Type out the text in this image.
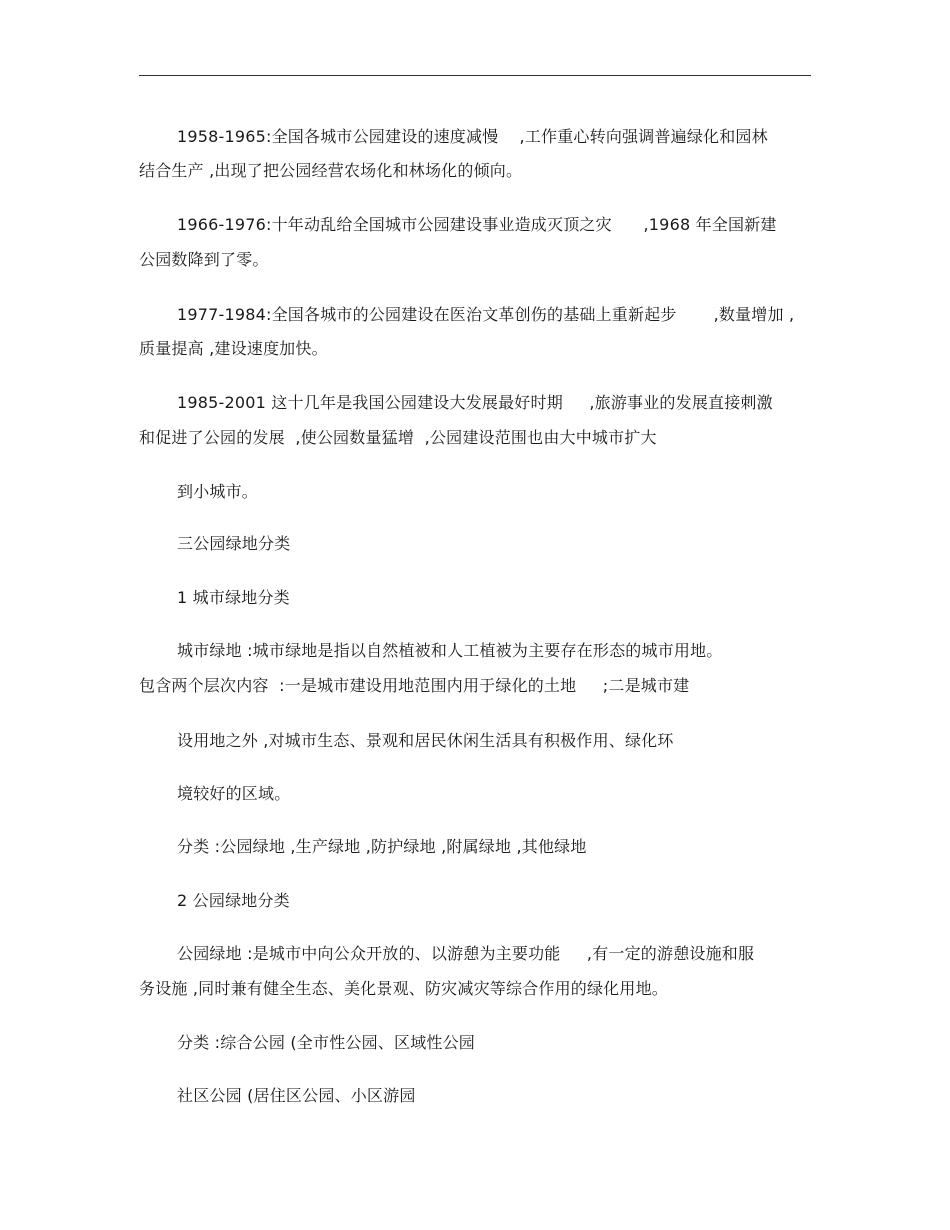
1958-1965:全国各城市公园建设的速度减慢    ,工作重心转向强调普遍绿化和园林
结合生产 ,出现了把公园经营农场化和林场化的倾向。
1966-1976:十年动乱给全国城市公园建设事业造成灭顶之灾      ,1968 年全国新建
公园数降到了零。
1977-1984:全国各城市的公园建设在医治文革创伤的基础上重新起步       ,数量增加 ,
质量提高 ,建设速度加快。
1985-2001 这十几年是我国公园建设大发展最好时期     ,旅游事业的发展直接刺激
和促进了公园的发展  ,使公园数量猛增  ,公园建设范围也由大中城市扩大
到小城市。
三公园绿地分类
1 城市绿地分类
城市绿地 :城市绿地是指以自然植被和人工植被为主要存在形态的城市用地。
包含两个层次内容  :一是城市建设用地范围内用于绿化的土地     ;二是城市建
设用地之外 ,对城市生态、景观和居民休闲生活具有积极作用、绿化环
境较好的区域。
分类 :公园绿地 ,生产绿地 ,防护绿地 ,附属绿地 ,其他绿地
2 公园绿地分类
公园绿地 :是城市中向公众开放的、以游憩为主要功能     ,有一定的游憩设施和服
务设施 ,同时兼有健全生态、美化景观、防灾减灾等综合作用的绿化用地。
分类 :综合公园 (全市性公园、区域性公园
社区公园 (居住区公园、小区游园
